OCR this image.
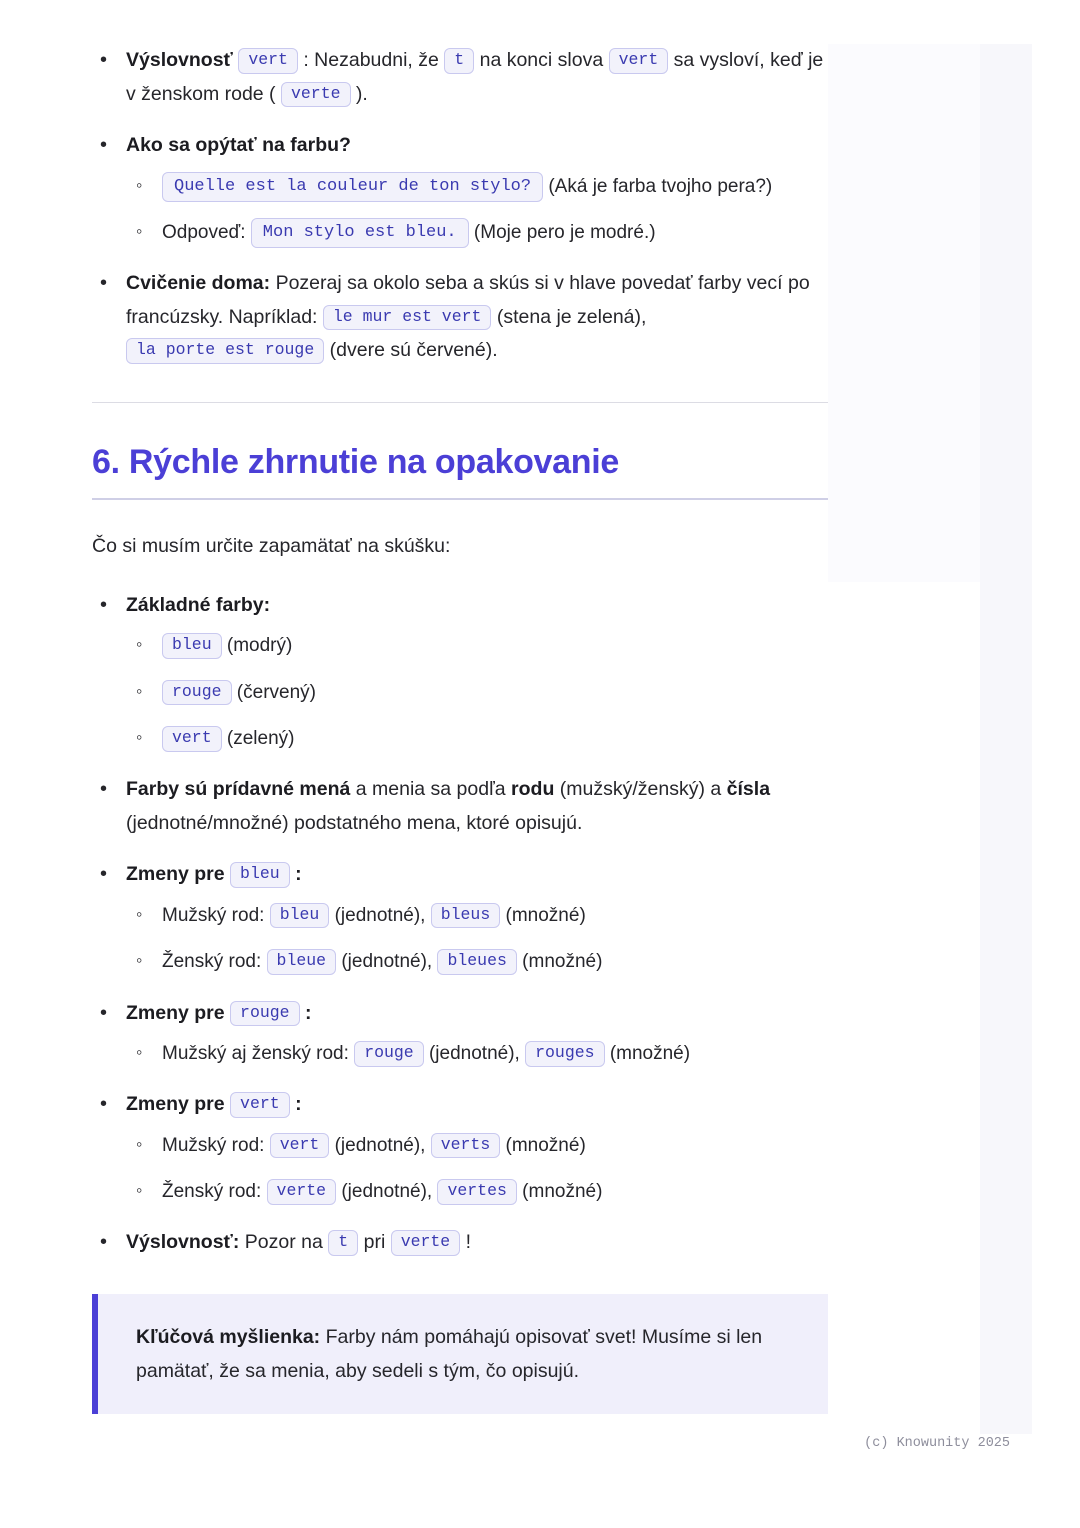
• Výslovnosť vert : Nezabudni, že t na konci slova vert sa vysloví, keď je v ženskom rode ( verte ).
• Ako sa opýtať na farbu?
◦ Quelle est la couleur de ton stylo? (Aká je farba tvojho pera?)
◦ Odpoveď: Mon stylo est bleu. (Moje pero je modré.)
• Cvičenie doma: Pozeraj sa okolo seba a skús si v hlave povedať farby vecí po francúzsky. Napríklad: le mur est vert (stena je zelená), la porte est rouge (dvere sú červené).
6. Rýchle zhrnutie na opakovanie

Čo si musím určite zapamätať na skúšku:

• Základné farby:
◦ bleu (modrý)
◦ rouge (červený)
◦ vert (zelený)
• Farby sú prídavné mená a menia sa podľa rodu (mužský/ženský) a čísla (jednotné/množné) podstatného mena, ktoré opisujú.
• Zmeny pre bleu :
◦ Mužský rod: bleu (jednotné), bleus (množné)
◦ Ženský rod: bleue (jednotné), bleues (množné)
• Zmeny pre rouge :
◦ Mužský aj ženský rod: rouge (jednotné), rouges (množné)
• Zmeny pre vert :
◦ Mužský rod: vert (jednotné), verts (množné)
◦ Ženský rod: verte (jednotné), vertes (množné)
• Výslovnosť: Pozor na t pri verte !
Kľúčová myšlienka: Farby nám pomáhajú opisovať svet! Musíme si len pamätať, že sa menia, aby sedeli s tým, čo opisujú.
(c) Knowunity 2025
